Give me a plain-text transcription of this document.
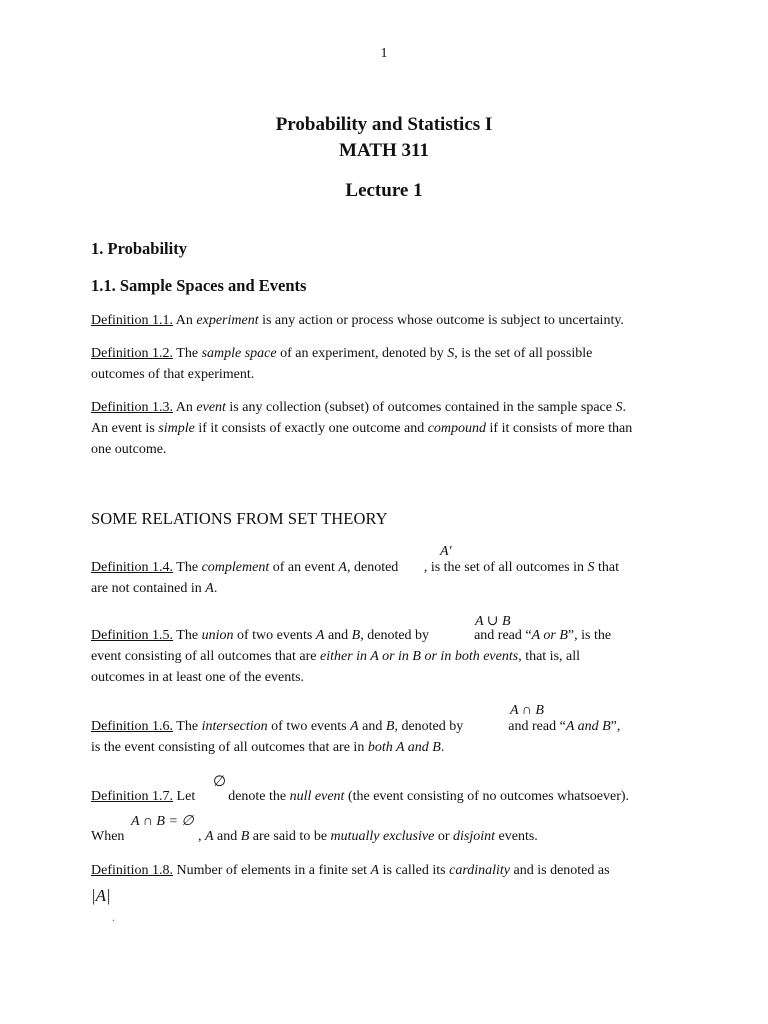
1
Probability and Statistics I
MATH 311
Lecture 1
1. Probability
1.1. Sample Spaces and Events
Definition 1.1. An experiment is any action or process whose outcome is subject to uncertainty.
Definition 1.2. The sample space of an experiment, denoted by S, is the set of all possible
outcomes of that experiment.
Definition 1.3. An event is any collection (subset) of outcomes contained in the sample space S.
An event is simple if it consists of exactly one outcome and compound if it consists of more than
one outcome.
SOME RELATIONS FROM SET THEORY
A′
Definition 1.4. The complement of an event A, denoted , is the set of all outcomes in S that
are not contained in A.
A ∪ B
Definition 1.5. The union of two events A and B, denoted by	and read “A or B”, is the
event consisting of all outcomes that are either in A or in B or in both events, that is, all
outcomes in at least one of the events.
A ∩ B
Definition 1.6. The intersection of two events A and B, denoted by	and read “A and B”,
is the event consisting of all outcomes that are in both A and B.
∅
Definition 1.7. Let  denote the null event (the event consisting of no outcomes whatsoever).
A ∩ B = ∅
When	, A and B are said to be mutually exclusive or disjoint events.
Definition 1.8. Number of elements in a finite set A is called its cardinality and is denoted as
|A|
.
